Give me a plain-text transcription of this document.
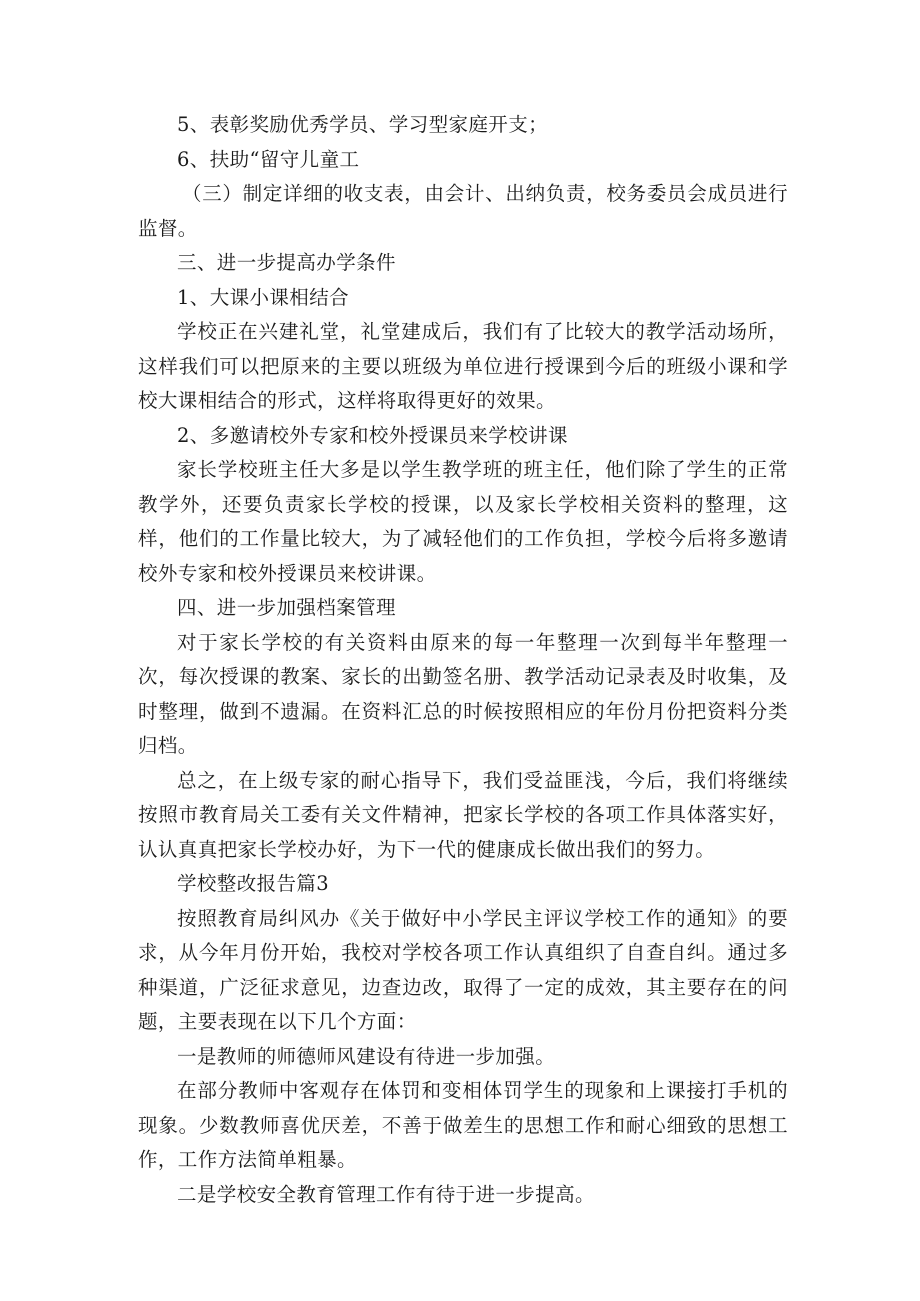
5、表彰奖励优秀学员、学习型家庭开支；

6、扶助“留守儿童工

（三）制定详细的收支表，由会计、出纳负责，校务委员会成员进行监督。

三、进一步提高办学条件

1、大课小课相结合

学校正在兴建礼堂，礼堂建成后，我们有了比较大的教学活动场所，这样我们可以把原来的主要以班级为单位进行授课到今后的班级小课和学校大课相结合的形式，这样将取得更好的效果。

2、多邀请校外专家和校外授课员来学校讲课

家长学校班主任大多是以学生教学班的班主任，他们除了学生的正常教学外，还要负责家长学校的授课，以及家长学校相关资料的整理，这样，他们的工作量比较大，为了减轻他们的工作负担，学校今后将多邀请校外专家和校外授课员来校讲课。

四、进一步加强档案管理

对于家长学校的有关资料由原来的每一年整理一次到每半年整理一次，每次授课的教案、家长的出勤签名册、教学活动记录表及时收集，及时整理，做到不遗漏。在资料汇总的时候按照相应的年份月份把资料分类归档。

总之，在上级专家的耐心指导下，我们受益匪浅，今后，我们将继续按照市教育局关工委有关文件精神，把家长学校的各项工作具体落实好，认认真真把家长学校办好，为下一代的健康成长做出我们的努力。

学校整改报告篇3

按照教育局纠风办《关于做好中小学民主评议学校工作的通知》的要求，从今年月份开始，我校对学校各项工作认真组织了自查自纠。通过多种渠道，广泛征求意见，边查边改，取得了一定的成效，其主要存在的问题，主要表现在以下几个方面：

一是教师的师德师风建设有待进一步加强。

在部分教师中客观存在体罚和变相体罚学生的现象和上课接打手机的现象。少数教师喜优厌差，不善于做差生的思想工作和耐心细致的思想工作，工作方法简单粗暴。

二是学校安全教育管理工作有待于进一步提高。
